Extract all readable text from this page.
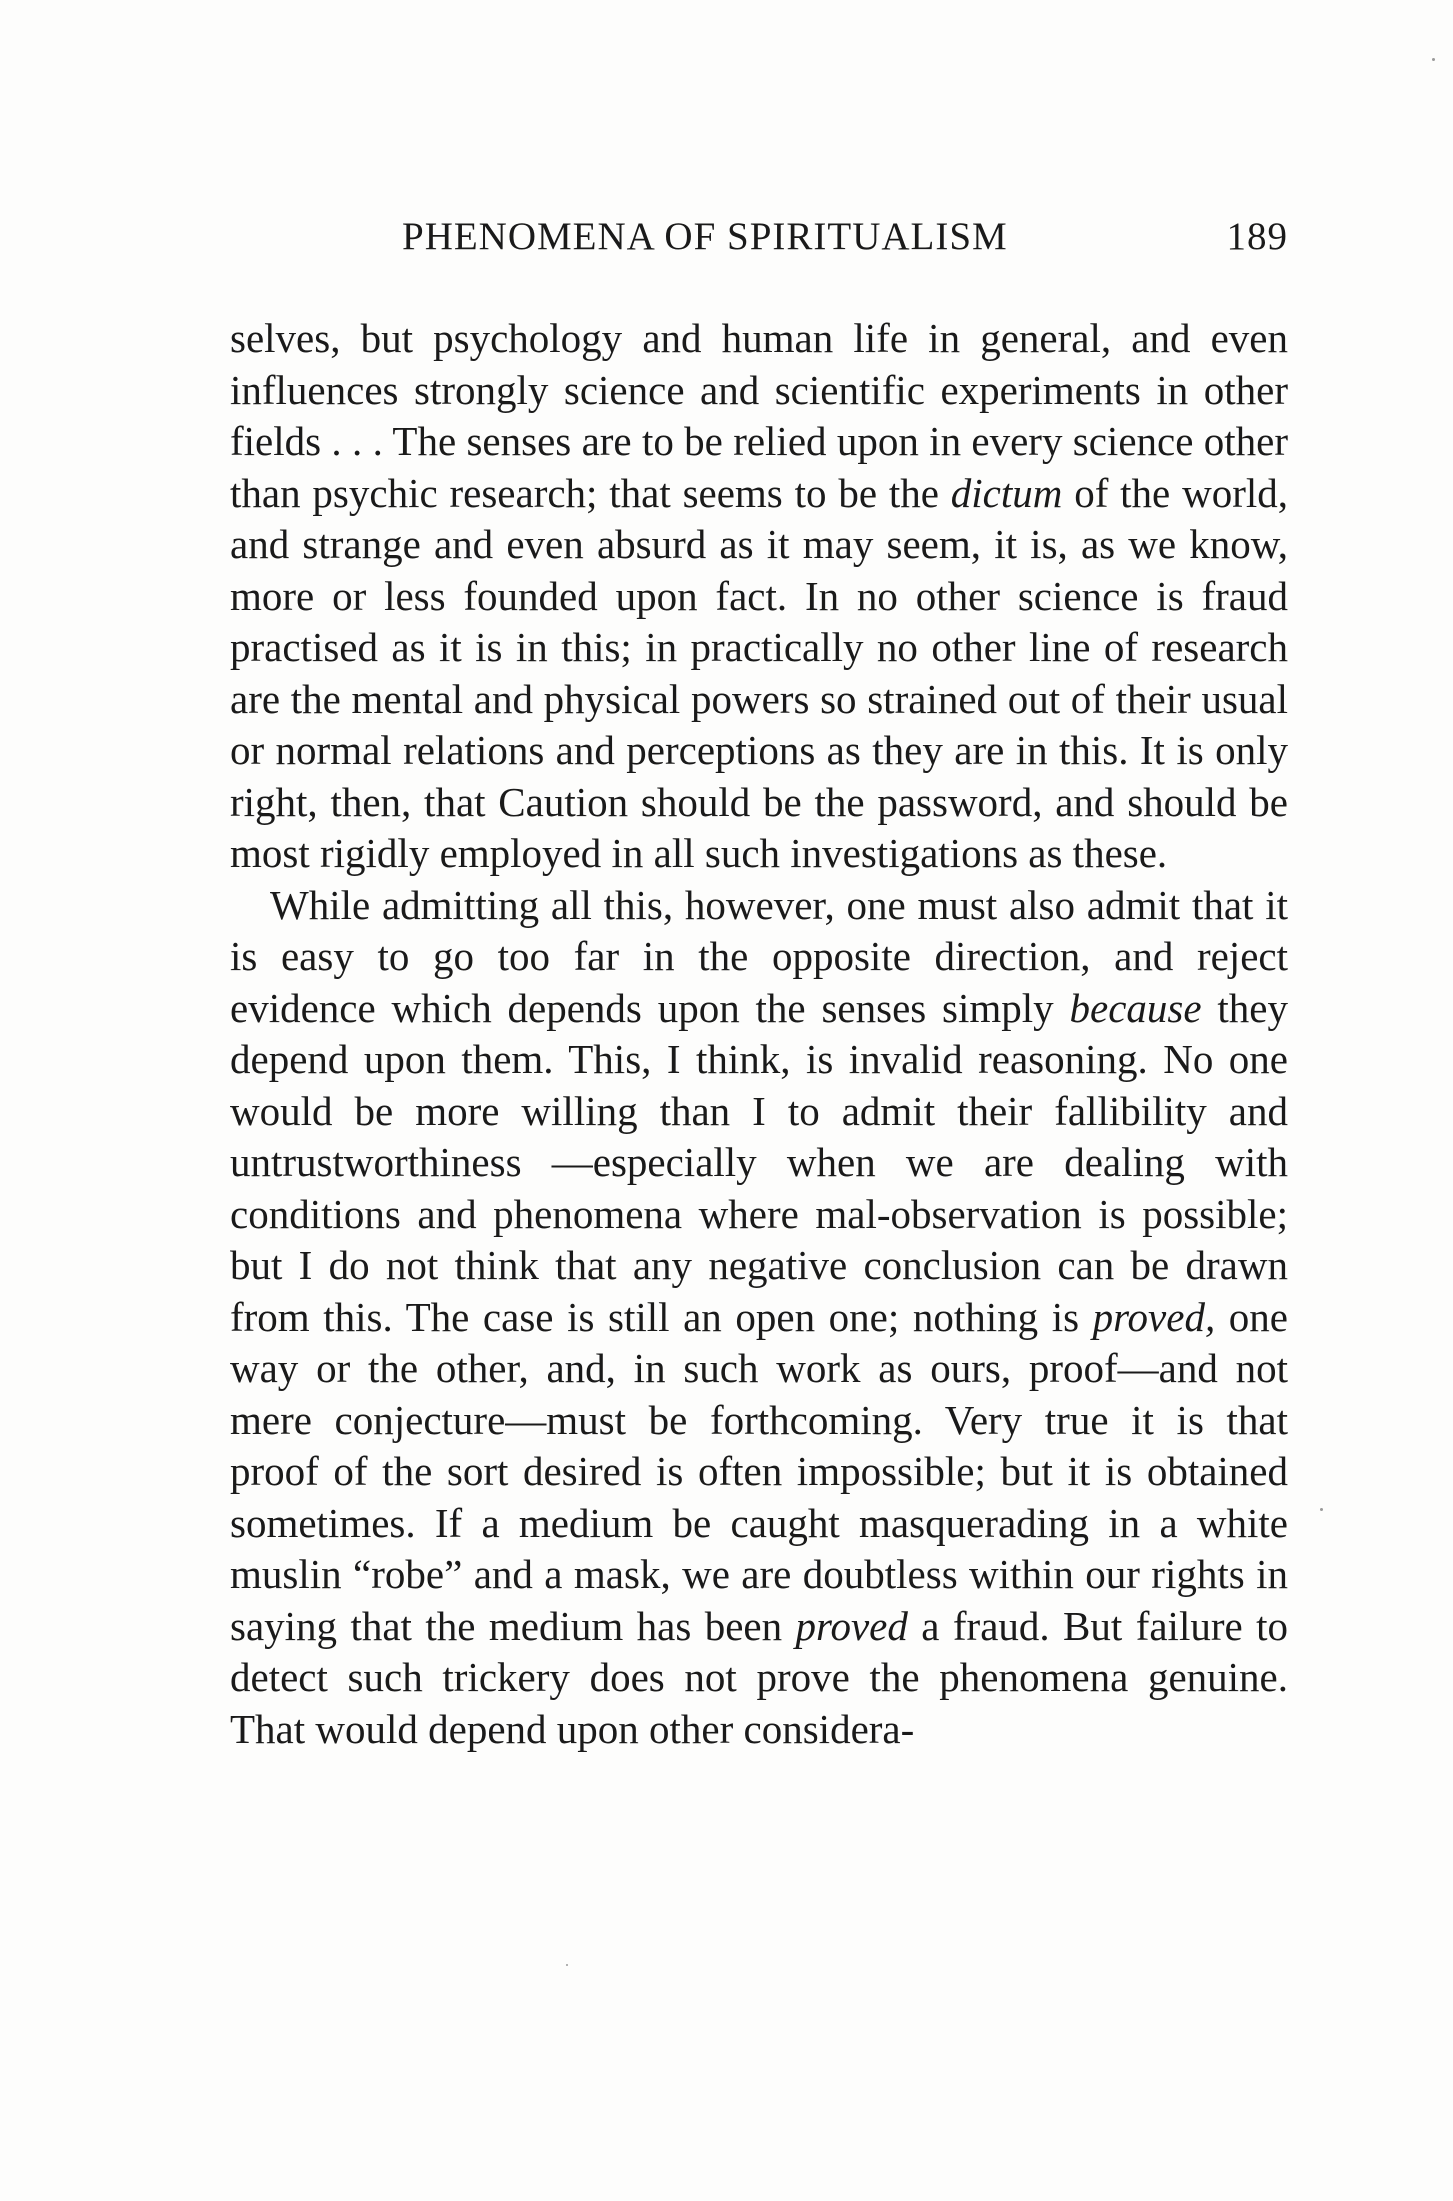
PHENOMENA OF SPIRITUALISM	189

selves, but psychology and human life in general, and even influences strongly science and scientific experiments in other fields . . . The senses are to be relied upon in every science other than psychic research; that seems to be the dictum of the world, and strange and even absurd as it may seem, it is, as we know, more or less founded upon fact. In no other science is fraud practised as it is in this; in practically no other line of research are the mental and physical powers so strained out of their usual or normal relations and perceptions as they are in this. It is only right, then, that Caution should be the password, and should be most rigidly employed in all such investigations as these.

While admitting all this, however, one must also admit that it is easy to go too far in the opposite direction, and reject evidence which depends upon the senses simply because they depend upon them. This, I think, is invalid reasoning. No one would be more willing than I to admit their fallibility and untrustworthiness —especially when we are dealing with conditions and phenomena where mal-observation is possible; but I do not think that any negative conclusion can be drawn from this. The case is still an open one; nothing is proved, one way or the other, and, in such work as ours, proof—and not mere conjecture—must be forthcoming. Very true it is that proof of the sort desired is often impossible; but it is obtained sometimes. If a medium be caught masquerading in a white muslin “robe” and a mask, we are doubtless within our rights in saying that the medium has been proved a fraud. But failure to detect such trickery does not prove the phenomena genuine. That would depend upon other considera-
